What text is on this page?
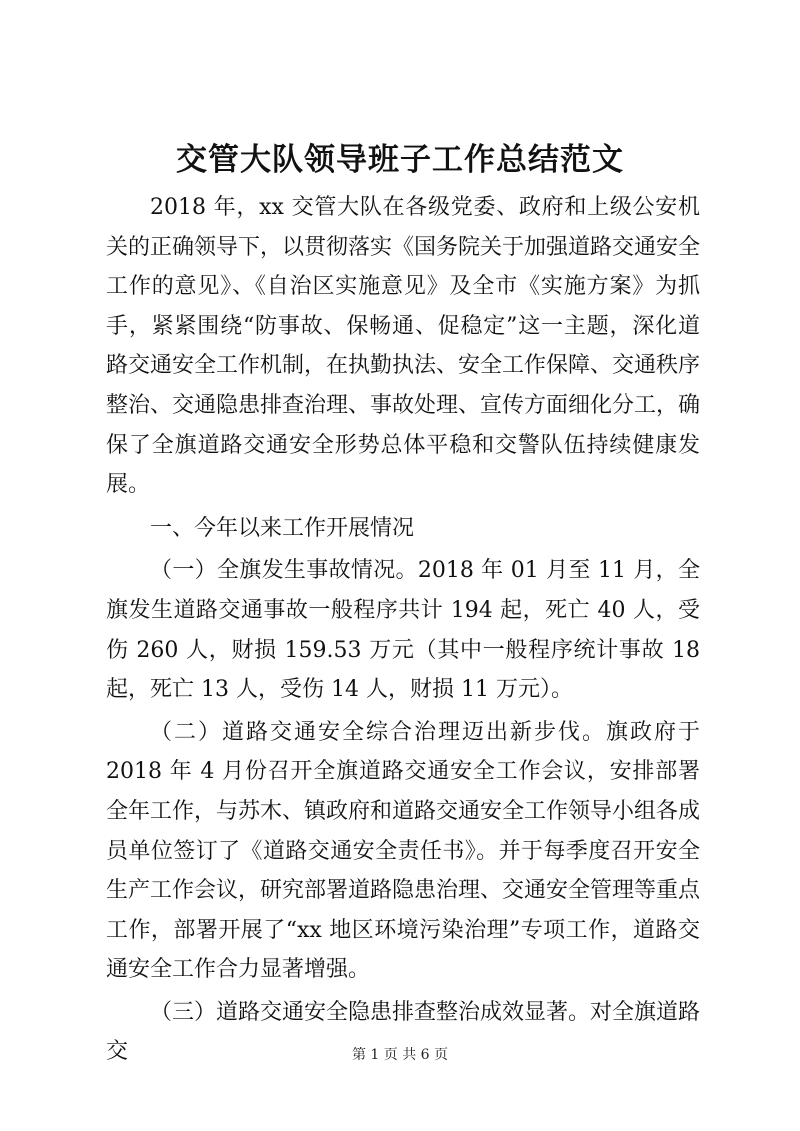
交管大队领导班子工作总结范文

2018 年，xx 交管大队在各级党委、政府和上级公安机关的正确领导下，以贯彻落实《国务院关于加强道路交通安全工作的意见》、《自治区实施意见》及全市《实施方案》为抓手，紧紧围绕“防事故、保畅通、促稳定”这一主题，深化道路交通安全工作机制，在执勤执法、安全工作保障、交通秩序整治、交通隐患排查治理、事故处理、宣传方面细化分工，确保了全旗道路交通安全形势总体平稳和交警队伍持续健康发展。

一、今年以来工作开展情况

（一）全旗发生事故情况。2018 年 01 月至 11 月，全旗发生道路交通事故一般程序共计 194 起，死亡 40 人，受伤 260 人，财损 159.53 万元（其中一般程序统计事故 18 起，死亡 13 人，受伤 14 人，财损 11 万元）。

（二）道路交通安全综合治理迈出新步伐。旗政府于 2018 年 4 月份召开全旗道路交通安全工作会议，安排部署全年工作，与苏木、镇政府和道路交通安全工作领导小组各成员单位签订了《道路交通安全责任书》。并于每季度召开安全生产工作会议，研究部署道路隐患治理、交通安全管理等重点工作，部署开展了“xx 地区环境污染治理”专项工作，道路交通安全工作合力显著增强。

（三）道路交通安全隐患排查整治成效显著。对全旗道路交	第 1 页 共 6 页
